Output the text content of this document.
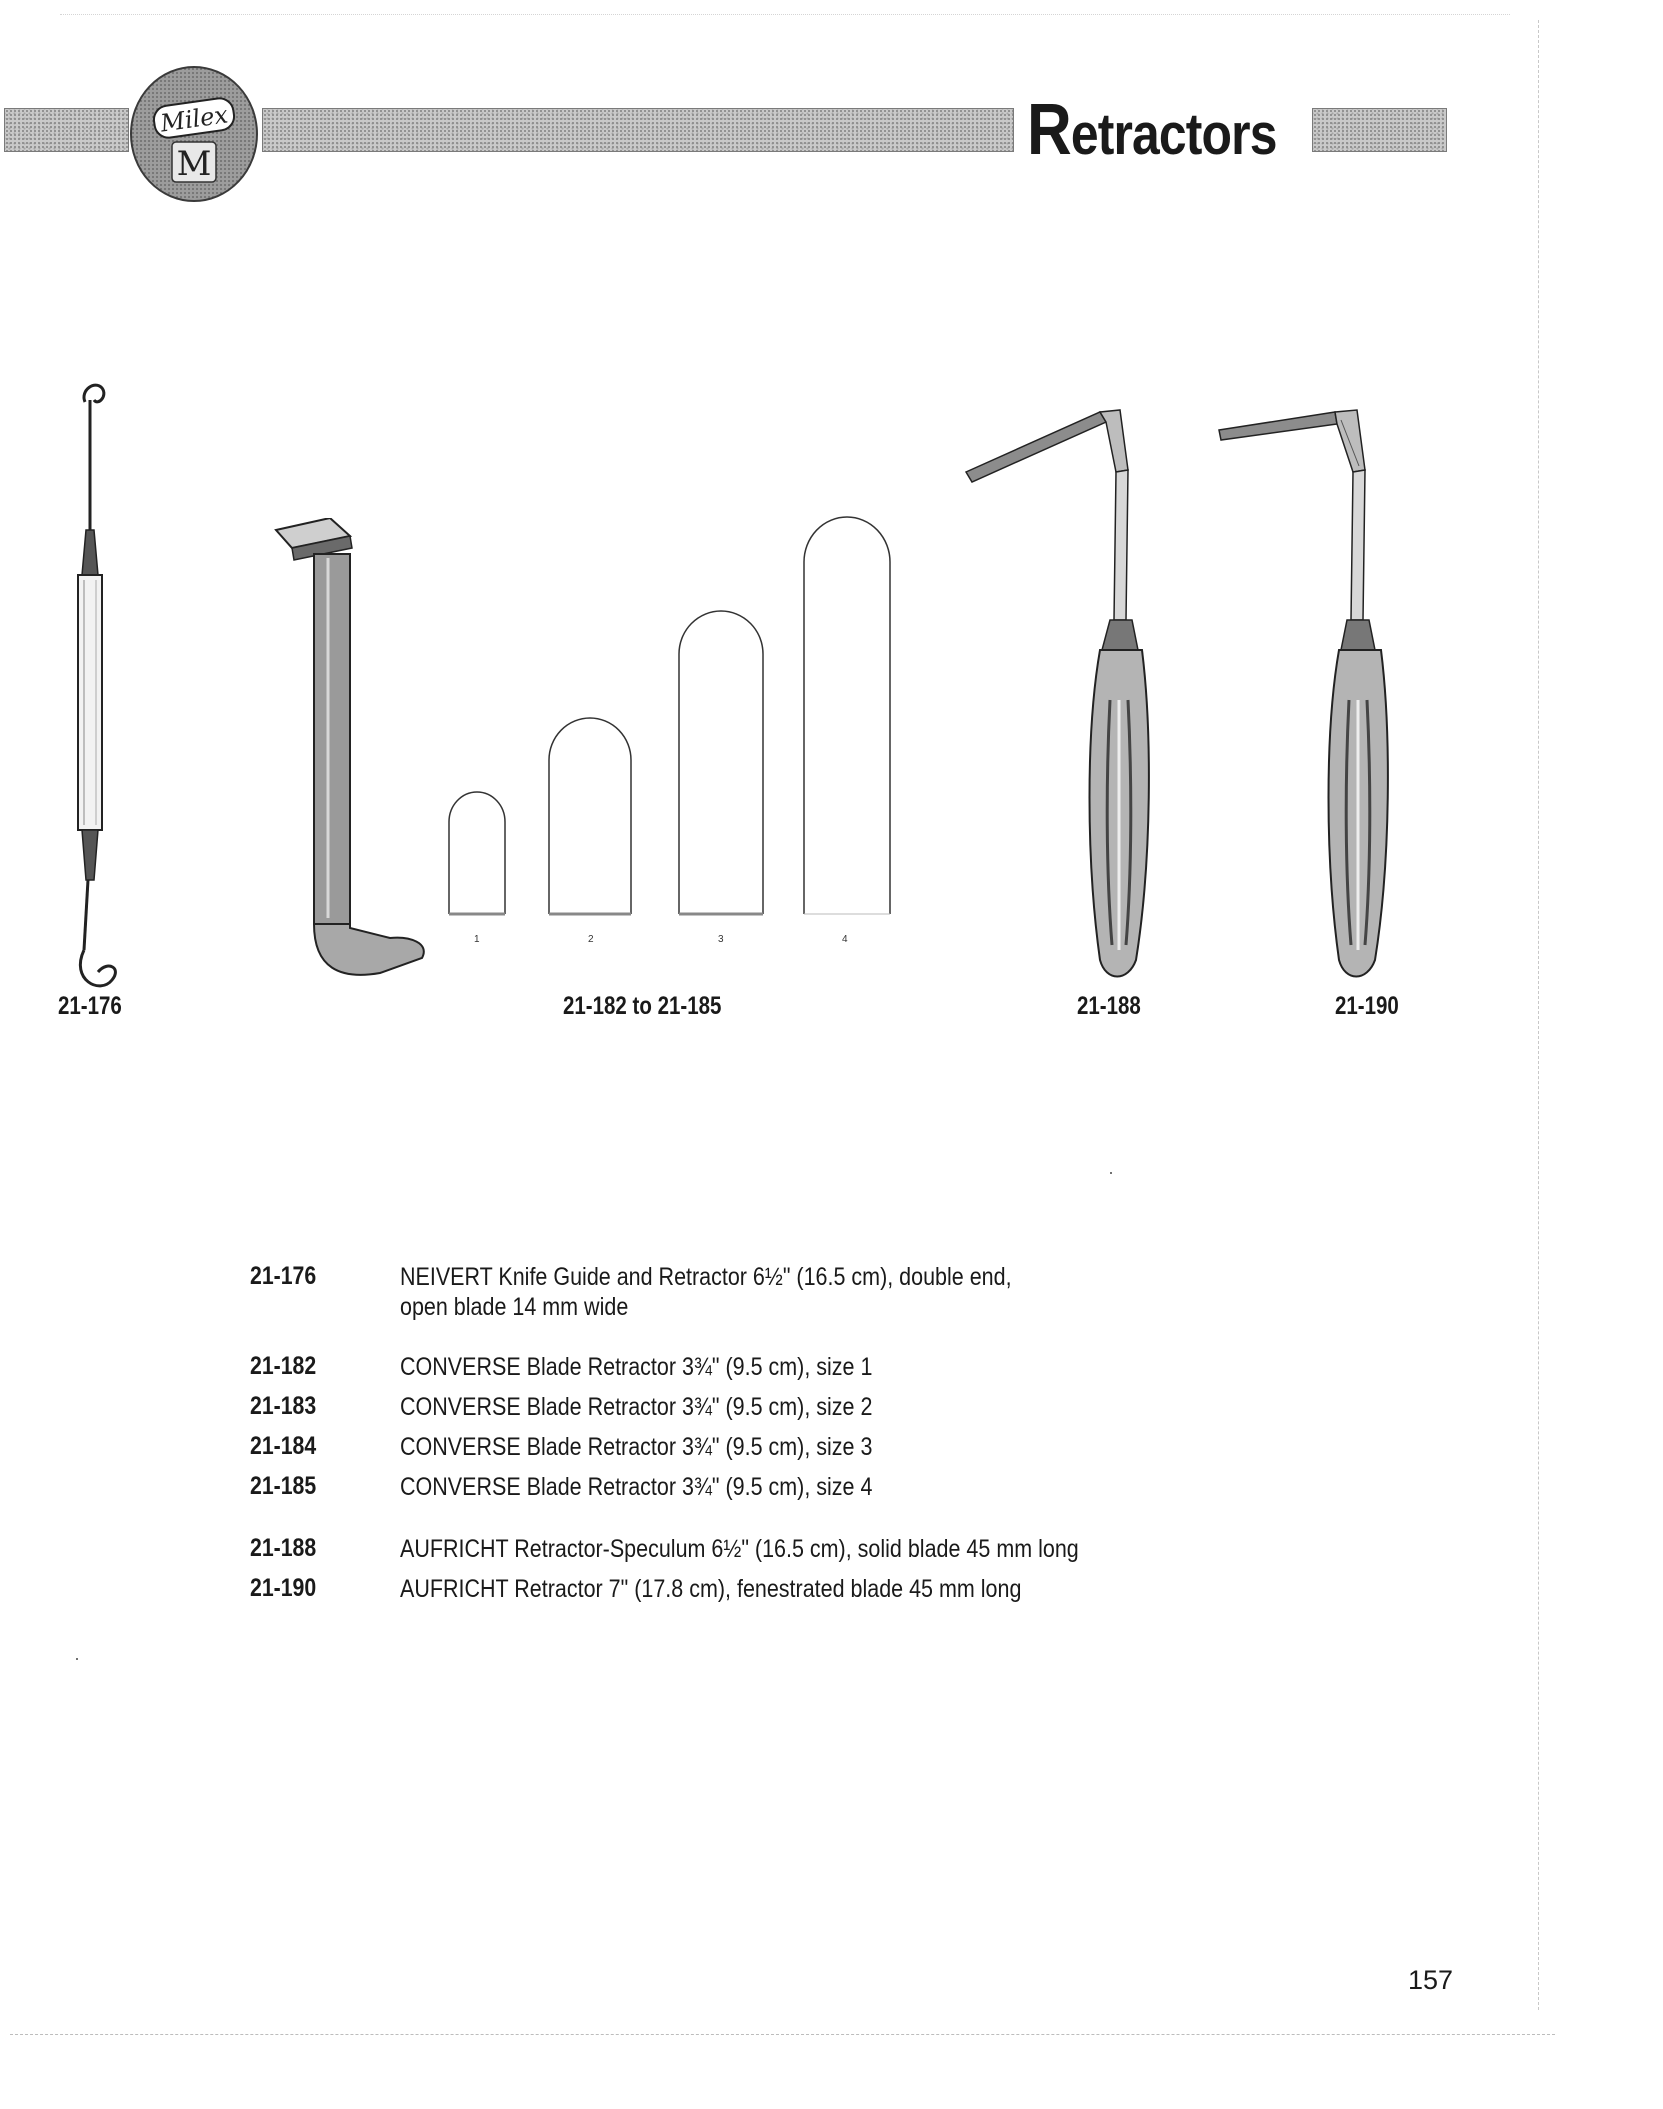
Milex
M	Retractors
1	2	3	4
21-176	21-182 to 21-185	21-188	21-190
21-176	NEIVERT Knife Guide and Retractor 6½" (16.5 cm), double end,
open blade 14 mm wide
21-182	CONVERSE Blade Retractor 3¾" (9.5 cm), size 1
21-183	CONVERSE Blade Retractor 3¾" (9.5 cm), size 2
21-184	CONVERSE Blade Retractor 3¾" (9.5 cm), size 3
21-185	CONVERSE Blade Retractor 3¾" (9.5 cm), size 4
21-188	AUFRICHT Retractor-Speculum 6½" (16.5 cm), solid blade 45 mm long
21-190	AUFRICHT Retractor 7" (17.8 cm), fenestrated blade 45 mm long
157
